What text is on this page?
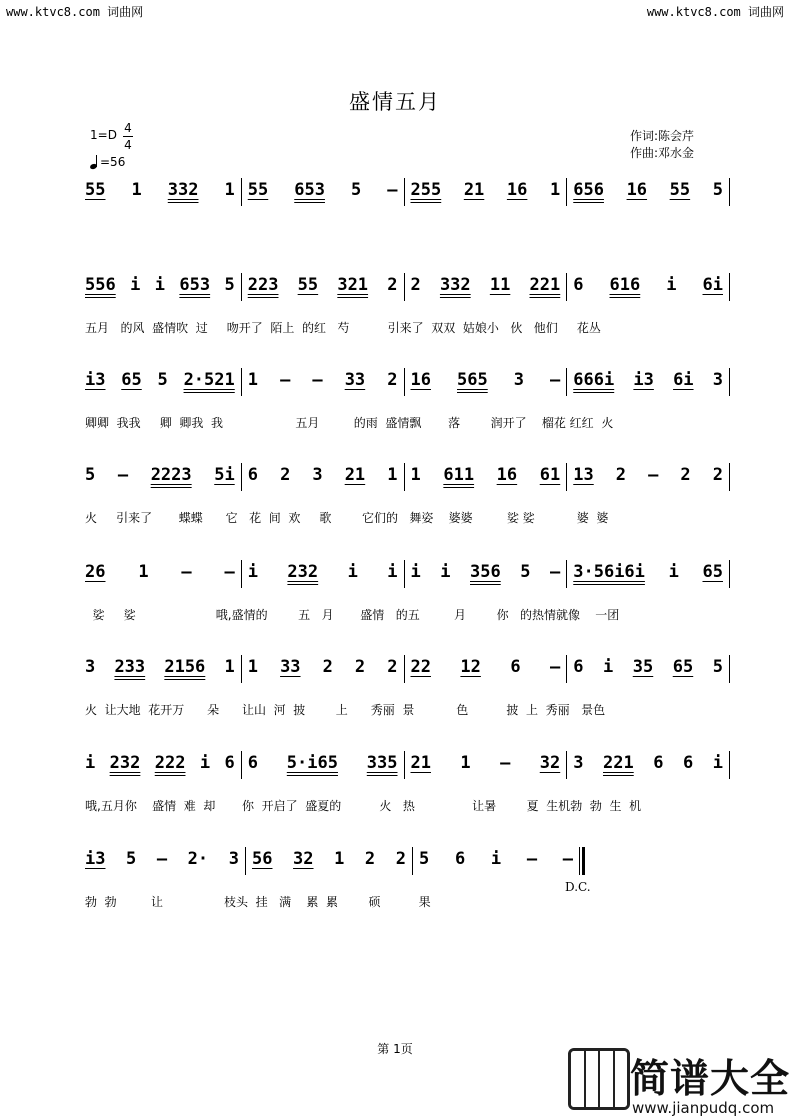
www.ktvc8.com 词曲网	www.ktvc8.com 词曲网
盛情五月
1=D 4
4
=56
作词:陈会芹
作曲:邓水金
55 1 332 1 55 653 5 – 255 21 16 1 656 16 55 5
556 i i 653 5 223 55 321 2 2 332 11 221 6 616 i 6i
五月   的风  盛情吹  过     吻开了  陌上  的红   芍          引来了  双双  姑娘小   伙   他们     花丛
i3 65 5 2·521 1 – – 33 2 16 565 3 – 666i i3 6i 3
卿卿  我我     卿  卿我  我                   五月         的雨  盛情飘       落        润开了    榴花 红红  火
5 – 2223 5i 6 2 3 21 1 1 611 16 61 13 2 – 2 2
火     引来了       蝶蝶      它   花  间  欢     歌        它们的   舞姿    婆婆         娑 娑           婆  婆
26 1 – – i 232 i i i i 356 5 – 3·56i6i i 65
娑     娑                     哦,盛情的        五   月       盛情   的五         月        你   的热情就像    一团
3 233 2156 1 1 33 2 2 2 22 12 6 – 6 i 35 65 5
火  让大地  花开万      朵      让山  河  披        上      秀丽  景           色          披  上  秀丽   景色
i 232 222 i 6 6 5·i65 335 21 1 – 32 3 221 6 6 i
哦,五月你    盛情  难  却       你  开启了  盛夏的          火   热               让暑        夏  生机勃  勃  生  机
i3 5 – 2· 3 56 32 1 2 2 5 6 i – –
勃  勃         让                枝头  挂   满    累  累        硕          果
D.C.
第 1页
简谱大全
www.jianpudq.com
